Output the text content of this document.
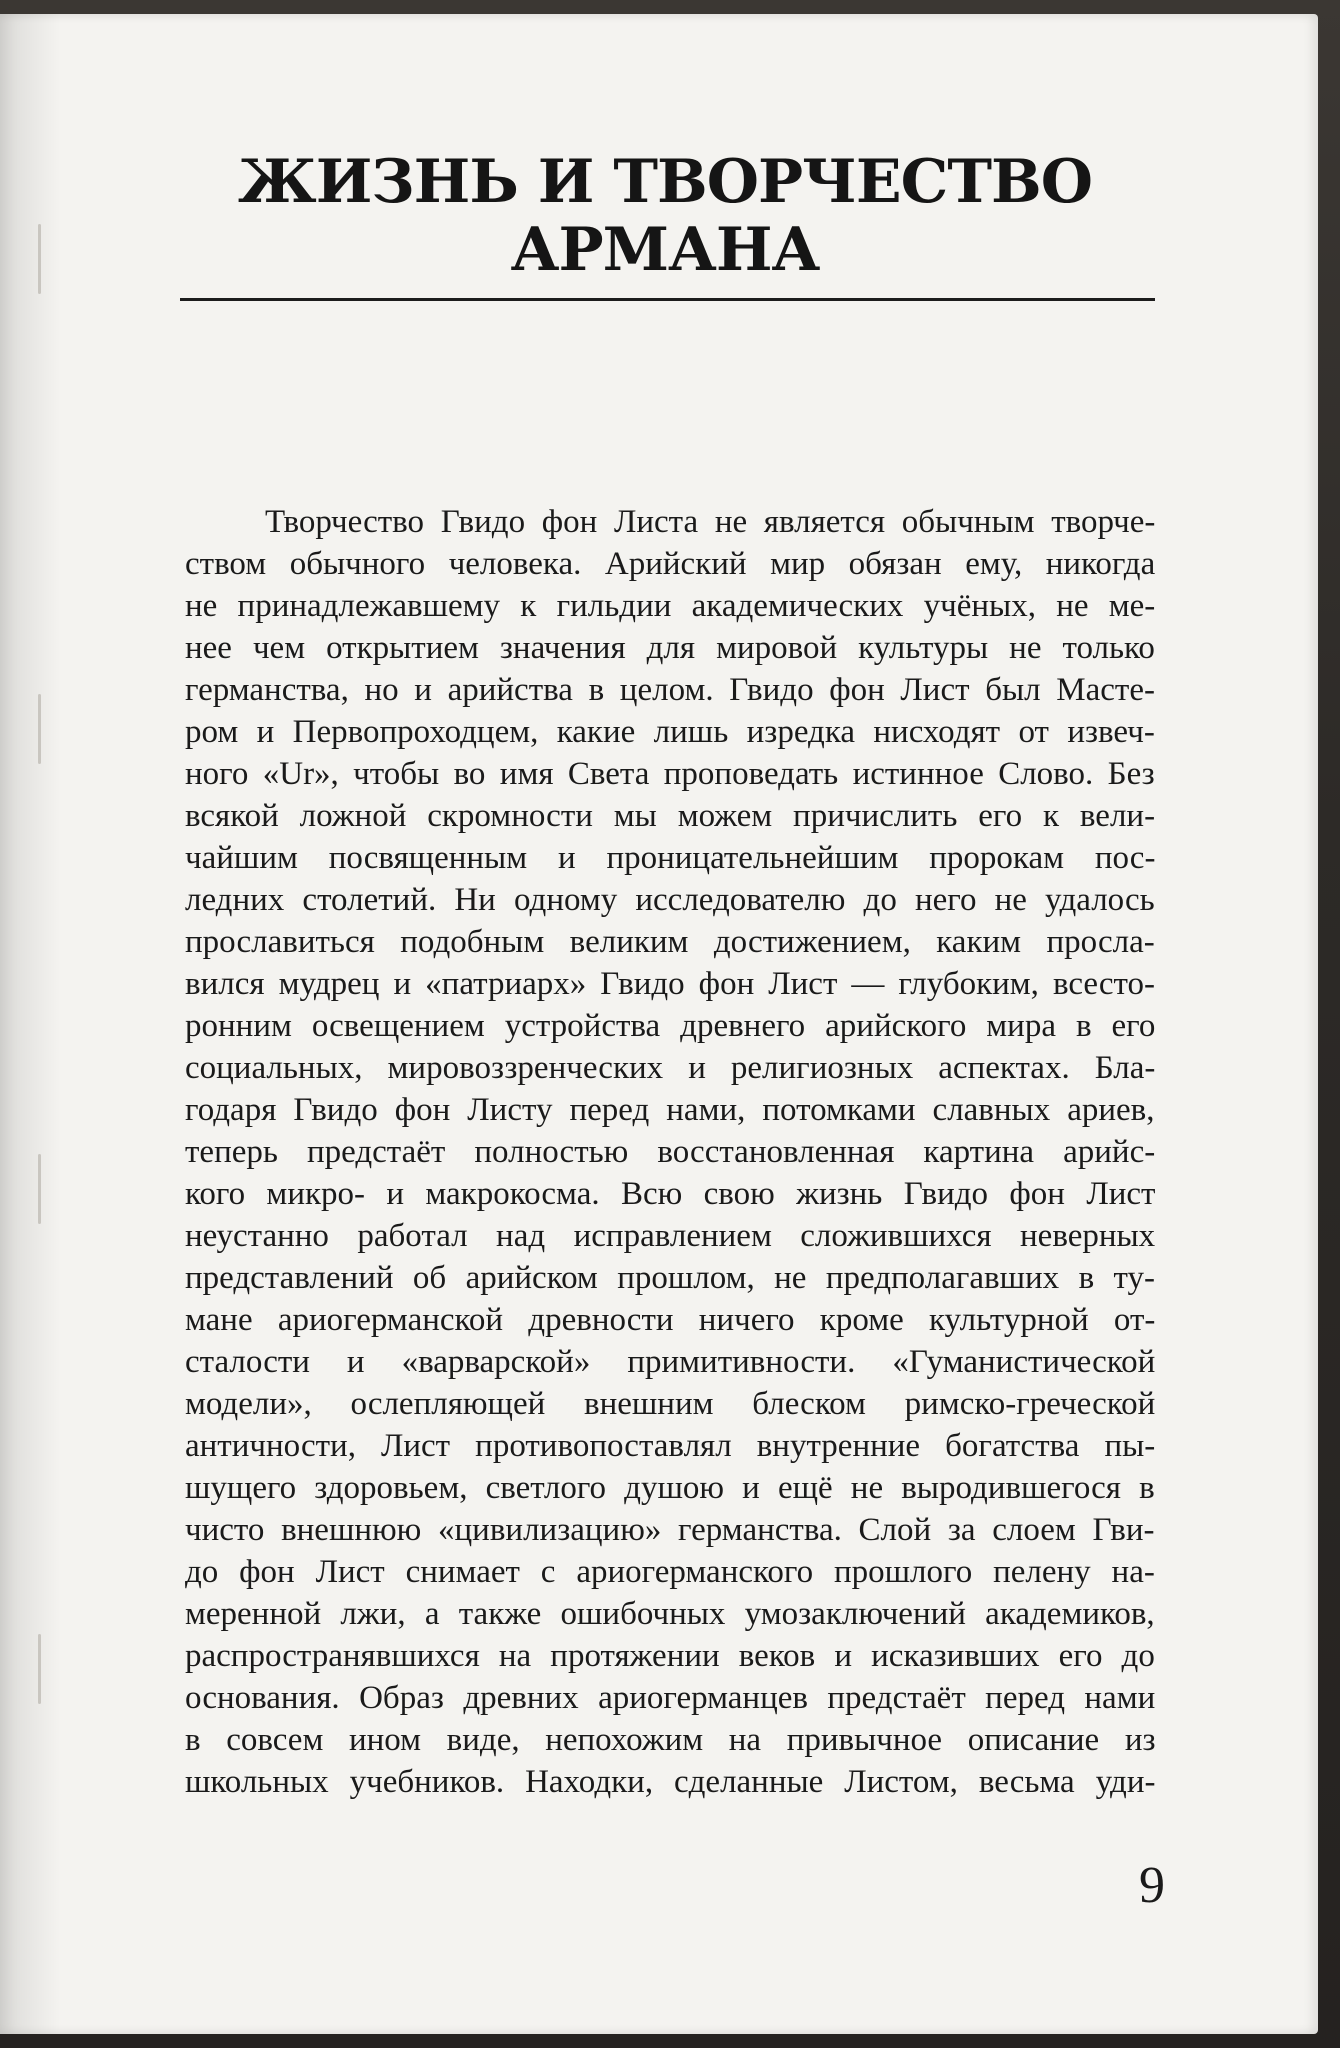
ЖИЗНЬ И ТВОРЧЕСТВО
АРМАНА
Творчество Гвидо фон Листа не является обычным творче-
ством обычного человека. Арийский мир обязан ему, никогда
не принадлежавшему к гильдии академических учёных, не ме-
нее чем открытием значения для мировой культуры не только
германства, но и арийства в целом. Гвидо фон Лист был Масте-
ром и Первопроходцем, какие лишь изредка нисходят от извеч-
ного «Ur», чтобы во имя Света проповедать истинное Слово. Без
всякой ложной скромности мы можем причислить его к вели-
чайшим посвященным и проницательнейшим пророкам пос-
ледних столетий. Ни одному исследователю до него не удалось
прославиться подобным великим достижением, каким просла-
вился мудрец и «патриарх» Гвидо фон Лист — глубоким, всесто-
ронним освещением устройства древнего арийского мира в его
социальных, мировоззренческих и религиозных аспектах. Бла-
годаря Гвидо фон Листу перед нами, потомками славных ариев,
теперь предстаёт полностью восстановленная картина арийс-
кого микро- и макрокосма. Всю свою жизнь Гвидо фон Лист
неустанно работал над исправлением сложившихся неверных
представлений об арийском прошлом, не предполагавших в ту-
мане ариогерманской древности ничего кроме культурной от-
сталости и «варварской» примитивности. «Гуманистической
модели», ослепляющей внешним блеском римско-греческой
античности, Лист противопоставлял внутренние богатства пы-
шущего здоровьем, светлого душою и ещё не выродившегося в
чисто внешнюю «цивилизацию» германства. Слой за слоем Гви-
до фон Лист снимает с ариогерманского прошлого пелену на-
меренной лжи, а также ошибочных умозаключений академиков,
распространявшихся на протяжении веков и исказивших его до
основания. Образ древних ариогерманцев предстаёт перед нами
в совсем ином виде, непохожим на привычное описание из
школьных учебников. Находки, сделанные Листом, весьма уди-
9
